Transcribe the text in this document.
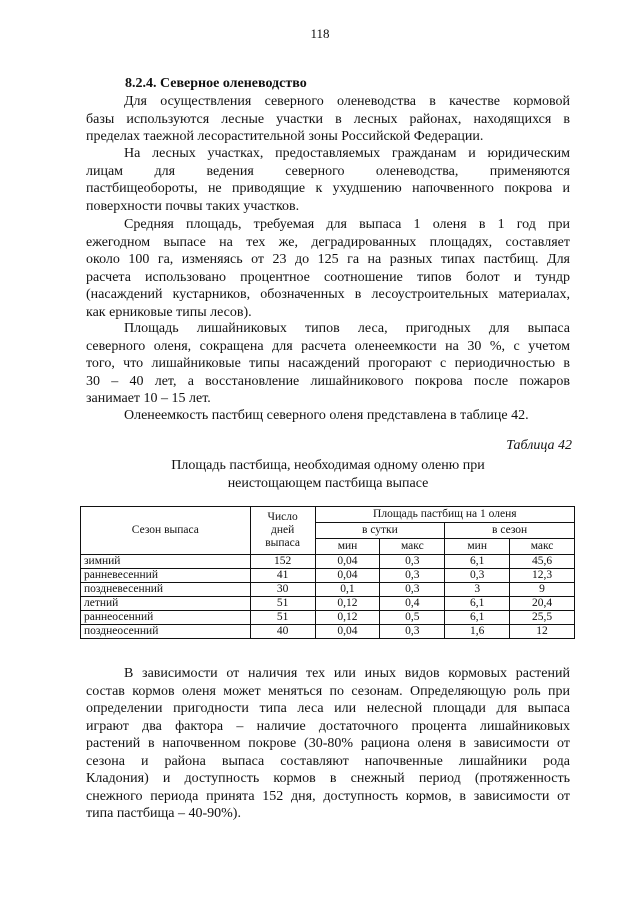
118
8.2.4. Северное оленеводство

Для осуществления северного оленеводства в качестве кормовой
базы используются лесные участки в лесных районах, находящихся в
пределах таежной лесорастительной зоны Российской Федерации.

На лесных участках, предоставляемых гражданам и юридическим
лицам для ведения северного оленеводства, применяются
пастбищеобороты, не приводящие к ухудшению напочвенного покрова и
поверхности почвы таких участков.

Средняя площадь, требуемая для выпаса 1 оленя в 1 год при
ежегодном выпасе на тех же, деградированных площадях, составляет
около 100 га, изменяясь от 23 до 125 га на разных типах пастбищ. Для
расчета использовано процентное соотношение типов болот и тундр
(насаждений кустарников, обозначенных в лесоустроительных материалах,
как ерниковые типы лесов).

Площадь лишайниковых типов леса, пригодных для выпаса
северного оленя, сокращена для расчета оленеемкости на 30 %, с учетом
того, что лишайниковые типы насаждений прогорают с периодичностью в
30 – 40 лет, а восстановление лишайникового покрова после пожаров
занимает 10 – 15 лет.

Оленеемкость пастбищ северного оленя представлена в таблице 42.

Таблица 42
Площадь пастбища, необходимая одному оленю при
неистощающем пастбища выпасе
Сезон выпаса	Число
дней
выпаса	Площадь пастбищ на 1 оленя			
		в сутки		в сезон	
		мин	макс	мин	макс
зимний	152	0,04	0,3	6,1	45,6
ранневесенний	41	0,04	0,3	0,3	12,3
поздневесенний	30	0,1	0,3	3	9
летний	51	0,12	0,4	6,1	20,4
раннеосенний	51	0,12	0,5	6,1	25,5
позднеосенний	40	0,04	0,3	1,6	12

В зависимости от наличия тех или иных видов кормовых растений
состав кормов оленя может меняться по сезонам. Определяющую роль при
определении пригодности типа леса или нелесной площади для выпаса
играют два фактора – наличие достаточного процента лишайниковых
растений в напочвенном покрове (30-80% рациона оленя в зависимости от
сезона и района выпаса составляют напочвенные лишайники рода
Кладония) и доступность кормов в снежный период (протяженность
снежного периода принята 152 дня, доступность кормов, в зависимости от
типа пастбища – 40-90%).
